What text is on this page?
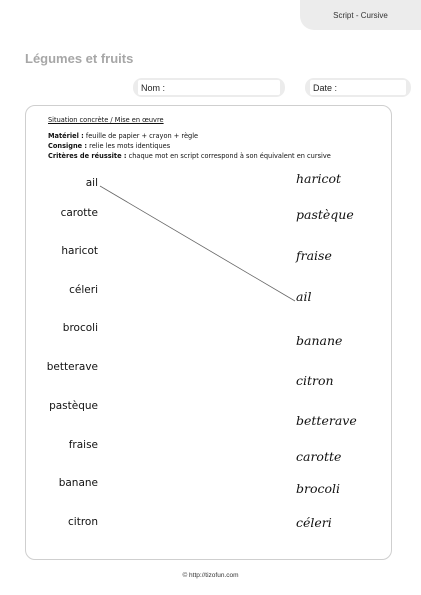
Script - Cursive
Légumes et fruits
Nom :	Date :
Situation concrète / Mise en œuvre
Matériel : feuille de papier + crayon + règle
Consigne : relie les mots identiques
Critères de réussite : chaque mot en script correspond à son équivalent en cursive
ail
carotte
haricot
céleri
brocoli
betterave
pastèque
fraise
banane
citron
haricot
pastèque
fraise
ail
banane
citron
betterave
carotte
brocoli
céleri
© http://tizofun.com
